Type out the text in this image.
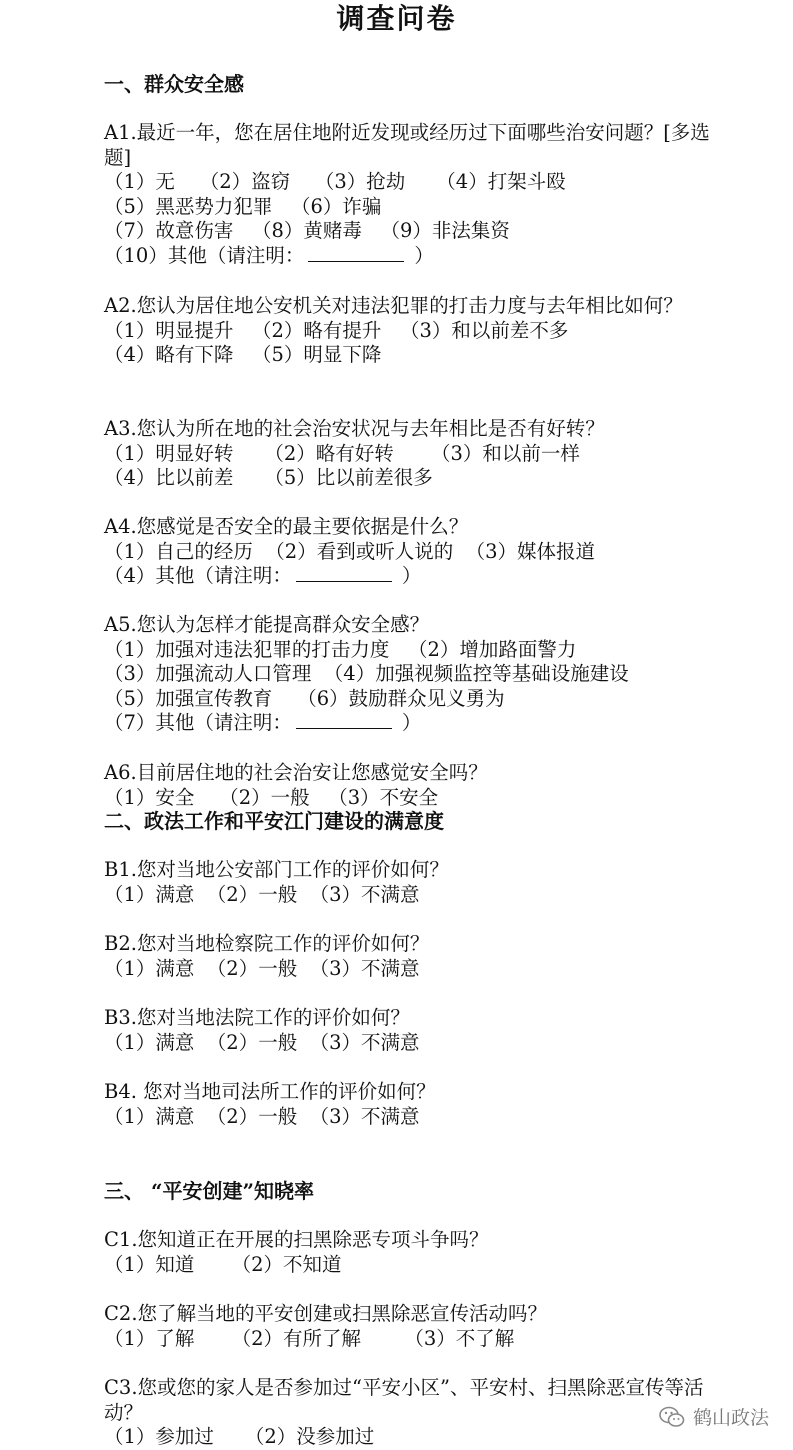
调查问卷
一、群众安全感
A1.最近一年，您在居住地附近发现或经历过下面哪些治安问题？[多选题]
（1）无    （2）盗窃    （3）抢劫     （4）打架斗殴
（5）黑恶势力犯罪   （6）诈骗
（7）故意伤害   （8）黄赌毒   （9）非法集资
（10）其他（请注明：	）
A2.您认为居住地公安机关对违法犯罪的打击力度与去年相比如何？
（1）明显提升   （2）略有提升   （3）和以前差不多
（4）略有下降   （5）明显下降
A3.您认为所在地的社会治安状况与去年相比是否有好转？
（1）明显好转     （2）略有好转      （3）和以前一样
（4）比以前差     （5）比以前差很多
A4.您感觉是否安全的最主要依据是什么？
（1）自己的经历  （2）看到或听人说的  （3）媒体报道
（4）其他（请注明：	）
A5.您认为怎样才能提高群众安全感？
（1）加强对违法犯罪的打击力度   （2）增加路面警力
（3）加强流动人口管理  （4）加强视频监控等基础设施建设
（5）加强宣传教育    （6）鼓励群众见义勇为
（7）其他（请注明：	）
A6.目前居住地的社会治安让您感觉安全吗？
（1）安全    （2）一般   （3）不安全
二、政法工作和平安江门建设的满意度
B1.您对当地公安部门工作的评价如何？
（1）满意  （2）一般  （3）不满意
B2.您对当地检察院工作的评价如何？
（1）满意  （2）一般  （3）不满意
B3.您对当地法院工作的评价如何？
（1）满意  （2）一般  （3）不满意
B4. 您对当地司法所工作的评价如何？
（1）满意  （2）一般  （3）不满意
三、 “平安创建”知晓率
C1.您知道正在开展的扫黑除恶专项斗争吗？
（1）知道      （2）不知道
C2.您了解当地的平安创建或扫黑除恶宣传活动吗？
（1）了解      （2）有所了解       （3）不了解
C3.您或您的家人是否参加过“平安小区”、平安村、扫黑除恶宣传等活动？
（1）参加过     （2）没参加过
鹤山政法
